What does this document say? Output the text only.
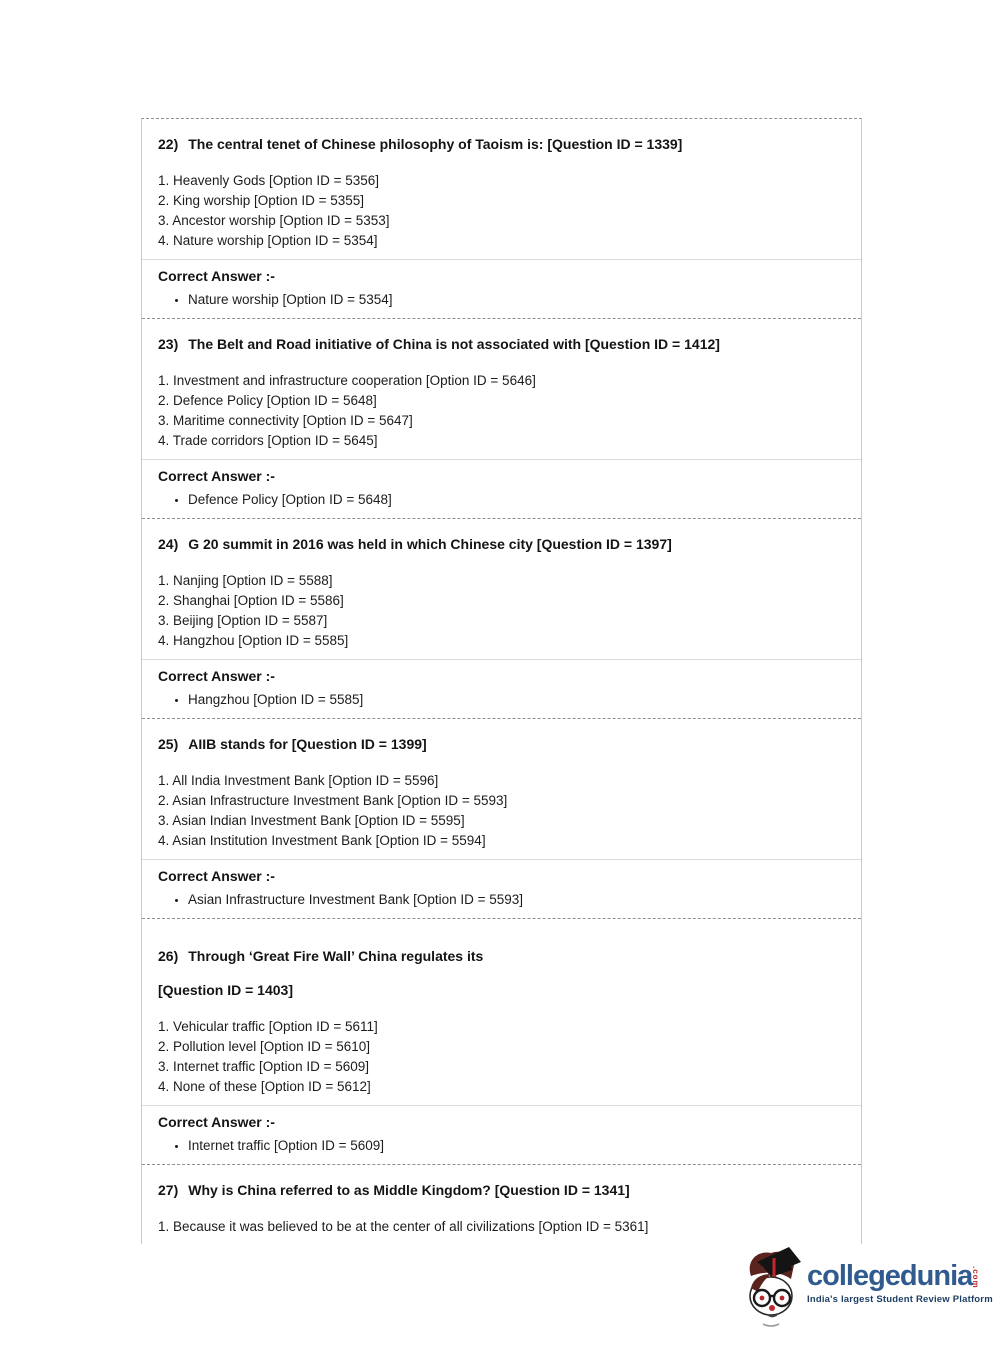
22) The central tenet of Chinese philosophy of Taoism is: [Question ID = 1339]
1. Heavenly Gods [Option ID = 5356]
2. King worship [Option ID = 5355]
3. Ancestor worship [Option ID = 5353]
4. Nature worship [Option ID = 5354]
Correct Answer :-
• Nature worship [Option ID = 5354]
23) The Belt and Road initiative of China is not associated with [Question ID = 1412]
1. Investment and infrastructure cooperation [Option ID = 5646]
2. Defence Policy [Option ID = 5648]
3. Maritime connectivity [Option ID = 5647]
4. Trade corridors [Option ID = 5645]
Correct Answer :-
• Defence Policy [Option ID = 5648]
24) G 20 summit in 2016 was held in which Chinese city [Question ID = 1397]
1. Nanjing [Option ID = 5588]
2. Shanghai [Option ID = 5586]
3. Beijing [Option ID = 5587]
4. Hangzhou [Option ID = 5585]
Correct Answer :-
• Hangzhou [Option ID = 5585]
25) AIIB stands for [Question ID = 1399]
1. All India Investment Bank [Option ID = 5596]
2. Asian Infrastructure Investment Bank [Option ID = 5593]
3. Asian Indian Investment Bank [Option ID = 5595]
4. Asian Institution Investment Bank [Option ID = 5594]
Correct Answer :-
• Asian Infrastructure Investment Bank [Option ID = 5593]
26) Through ‘Great Fire Wall’ China regulates its
[Question ID = 1403]
1. Vehicular traffic [Option ID = 5611]
2. Pollution level [Option ID = 5610]
3. Internet traffic [Option ID = 5609]
4. None of these [Option ID = 5612]
Correct Answer :-
• Internet traffic [Option ID = 5609]
27) Why is China referred to as Middle Kingdom? [Question ID = 1341]
1. Because it was believed to be at the center of all civilizations [Option ID = 5361]
collegedunia .com
India's largest Student Review Platform
